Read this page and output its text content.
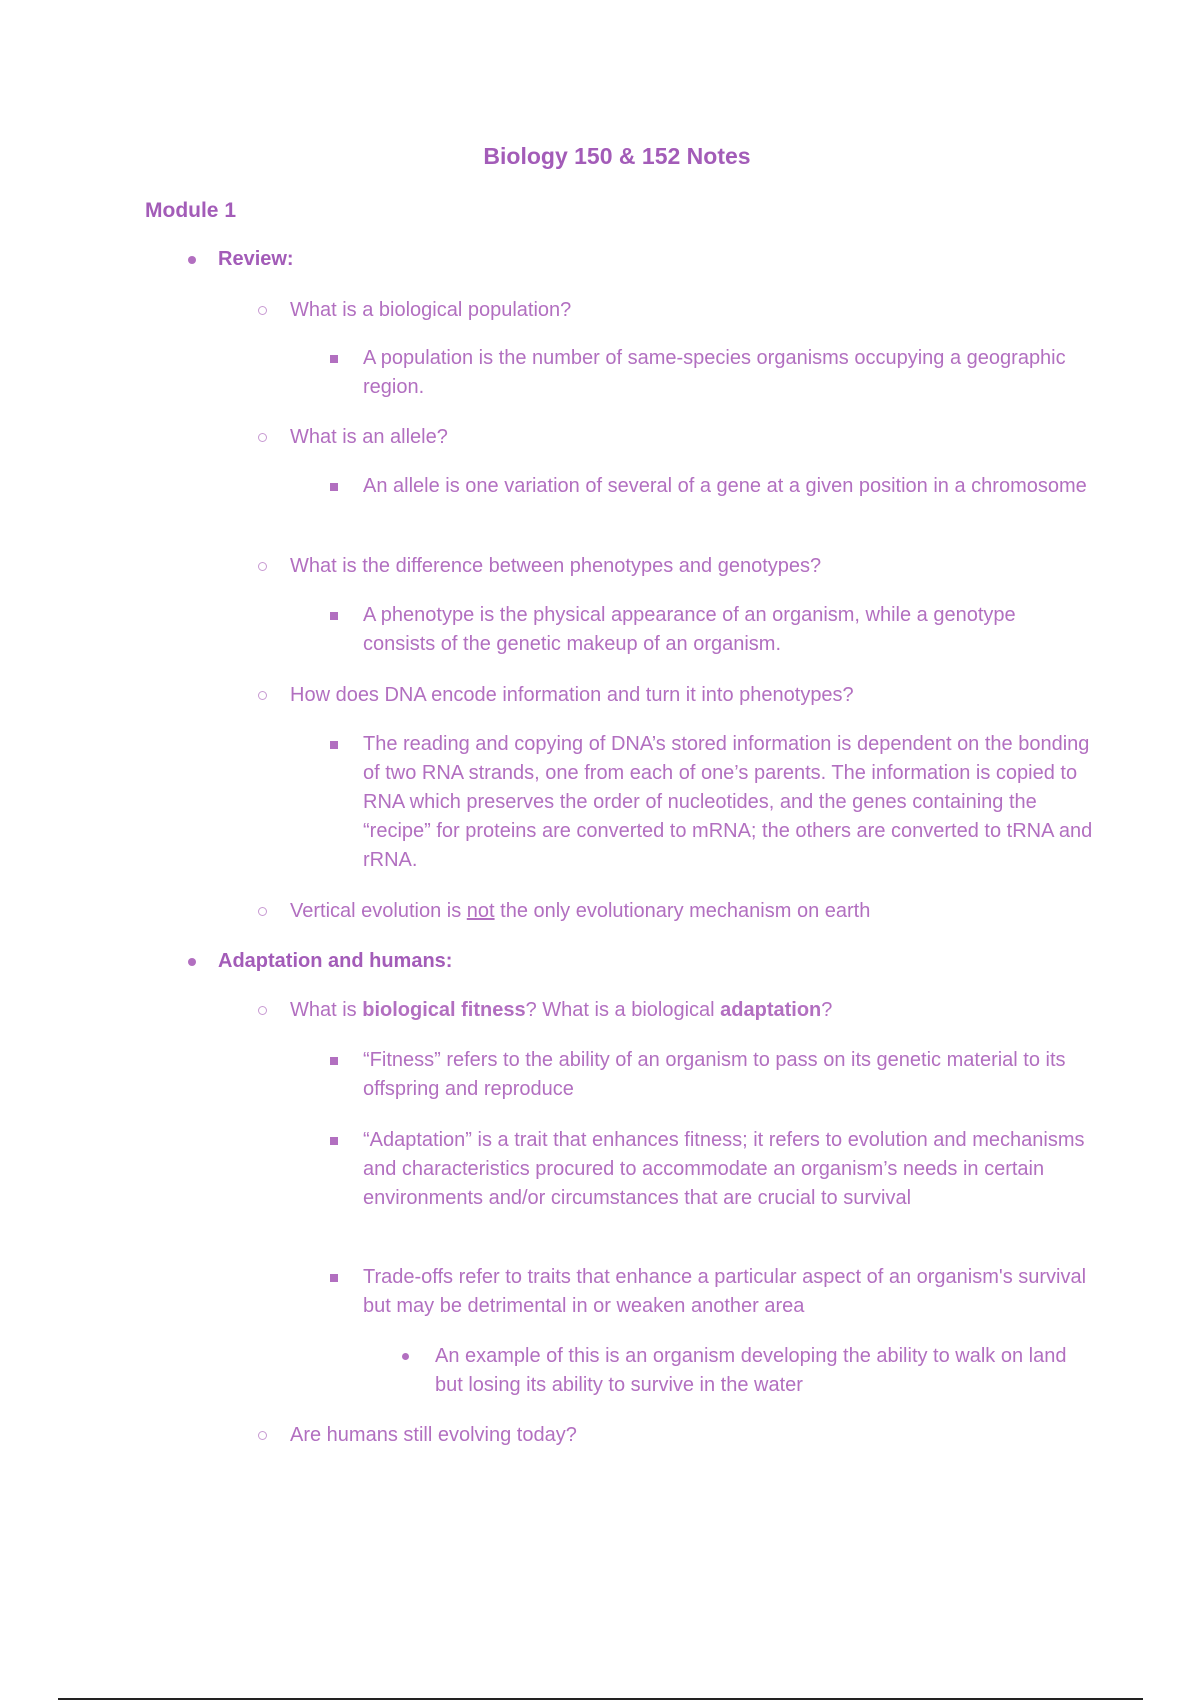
Biology 150 & 152 Notes
Module 1
Review:
What is a biological population?
A population is the number of same-species organisms occupying a geographic region.
What is an allele?
An allele is one variation of several of a gene at a given position in a chromosome
What is the difference between phenotypes and genotypes?
A phenotype is the physical appearance of an organism, while a genotype consists of the genetic makeup of an organism.
How does DNA encode information and turn it into phenotypes?
The reading and copying of DNA’s stored information is dependent on the bonding of two RNA strands, one from each of one’s parents. The information is copied to RNA which preserves the order of nucleotides, and the genes containing the “recipe” for proteins are converted to mRNA; the others are converted to tRNA and rRNA.
Vertical evolution is not the only evolutionary mechanism on earth
Adaptation and humans:
What is biological fitness? What is a biological adaptation?
“Fitness” refers to the ability of an organism to pass on its genetic material to its offspring and reproduce
“Adaptation” is a trait that enhances fitness; it refers to evolution and mechanisms and characteristics procured to accommodate an organism’s needs in certain environments and/or circumstances that are crucial to survival
Trade-offs refer to traits that enhance a particular aspect of an organism's survival but may be detrimental in or weaken another area
An example of this is an organism developing the ability to walk on land but losing its ability to survive in the water
Are humans still evolving today?
